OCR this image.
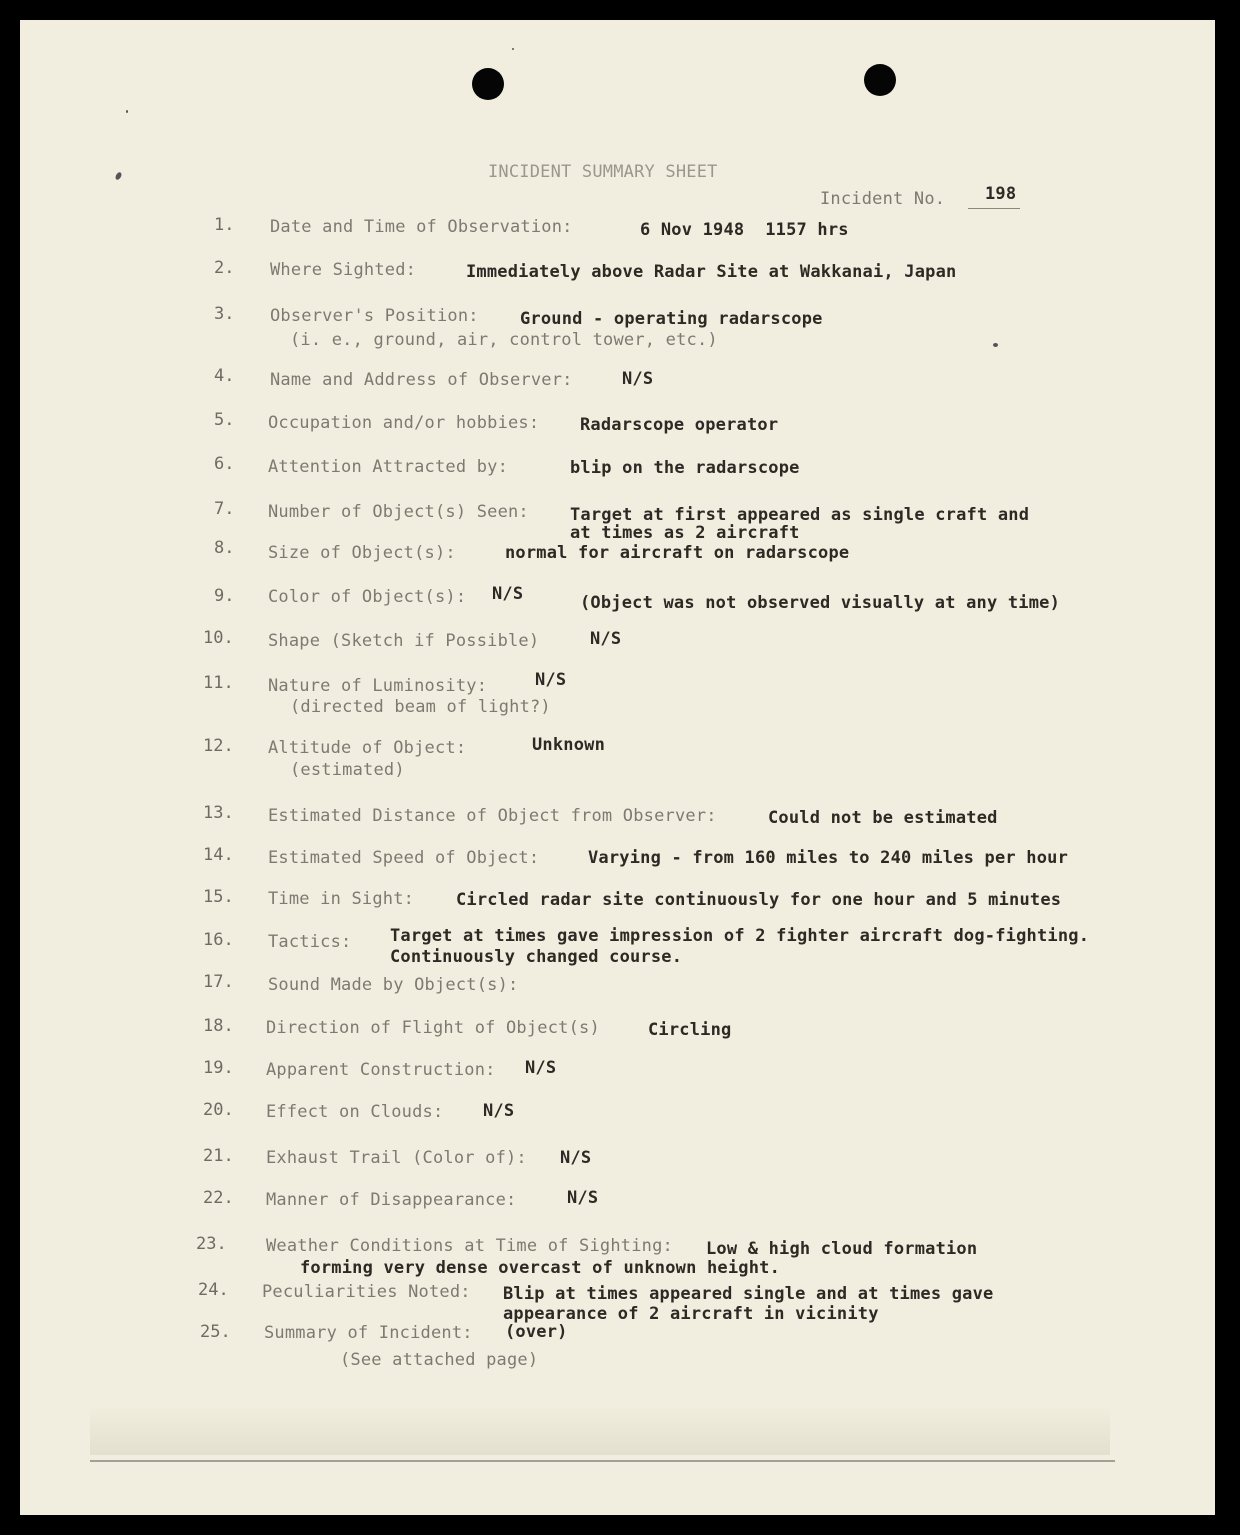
INCIDENT SUMMARY SHEET
Incident No. 198
1. Date and Time of Observation:	6 Nov 1948  1157 hrs
2. Where Sighted:	Immediately above Radar Site at Wakkanai, Japan
3. Observer's Position:
(i. e., ground, air, control tower, etc.)
Ground - operating radarscope
4. Name and Address of Observer:	N/S
5. Occupation and/or hobbies: Radarscope operator
6. Attention Attracted by:	blip on the radarscope
7. Number of Object(s) Seen: Target at first appeared as single craft and
at times as 2 aircraft
8. Size of Object(s):	normal for aircraft on radarscope
9. Color of Object(s): N/S	(Object was not observed visually at any time)
10. Shape (Sketch if Possible)	N/S
11. Nature of Luminosity:
(directed beam of light?)
N/S
12. Altitude of Object:
(estimated)
Unknown
13. Estimated Distance of Object from Observer:	Could not be estimated
14. Estimated Speed of Object:	Varying - from 160 miles to 240 miles per hour
15. Time in Sight: Circled radar site continuously for one hour and 5 minutes
16. Tactics: Target at times gave impression of 2 fighter aircraft dog-fighting.
Continuously changed course.
17. Sound Made by Object(s):
18. Direction of Flight of Object(s)	Circling
19. Apparent Construction: N/S
20. Effect on Clouds: N/S
21. Exhaust Trail (Color of): N/S
22. Manner of Disappearance:	N/S
23. Weather Conditions at Time of Sighting: Low & high cloud formation
forming very dense overcast of unknown height.
24. Peculiarities Noted: Blip at times appeared single and at times gave
appearance of 2 aircraft in vicinity
25. Summary of Incident: (over)
(See attached page)
